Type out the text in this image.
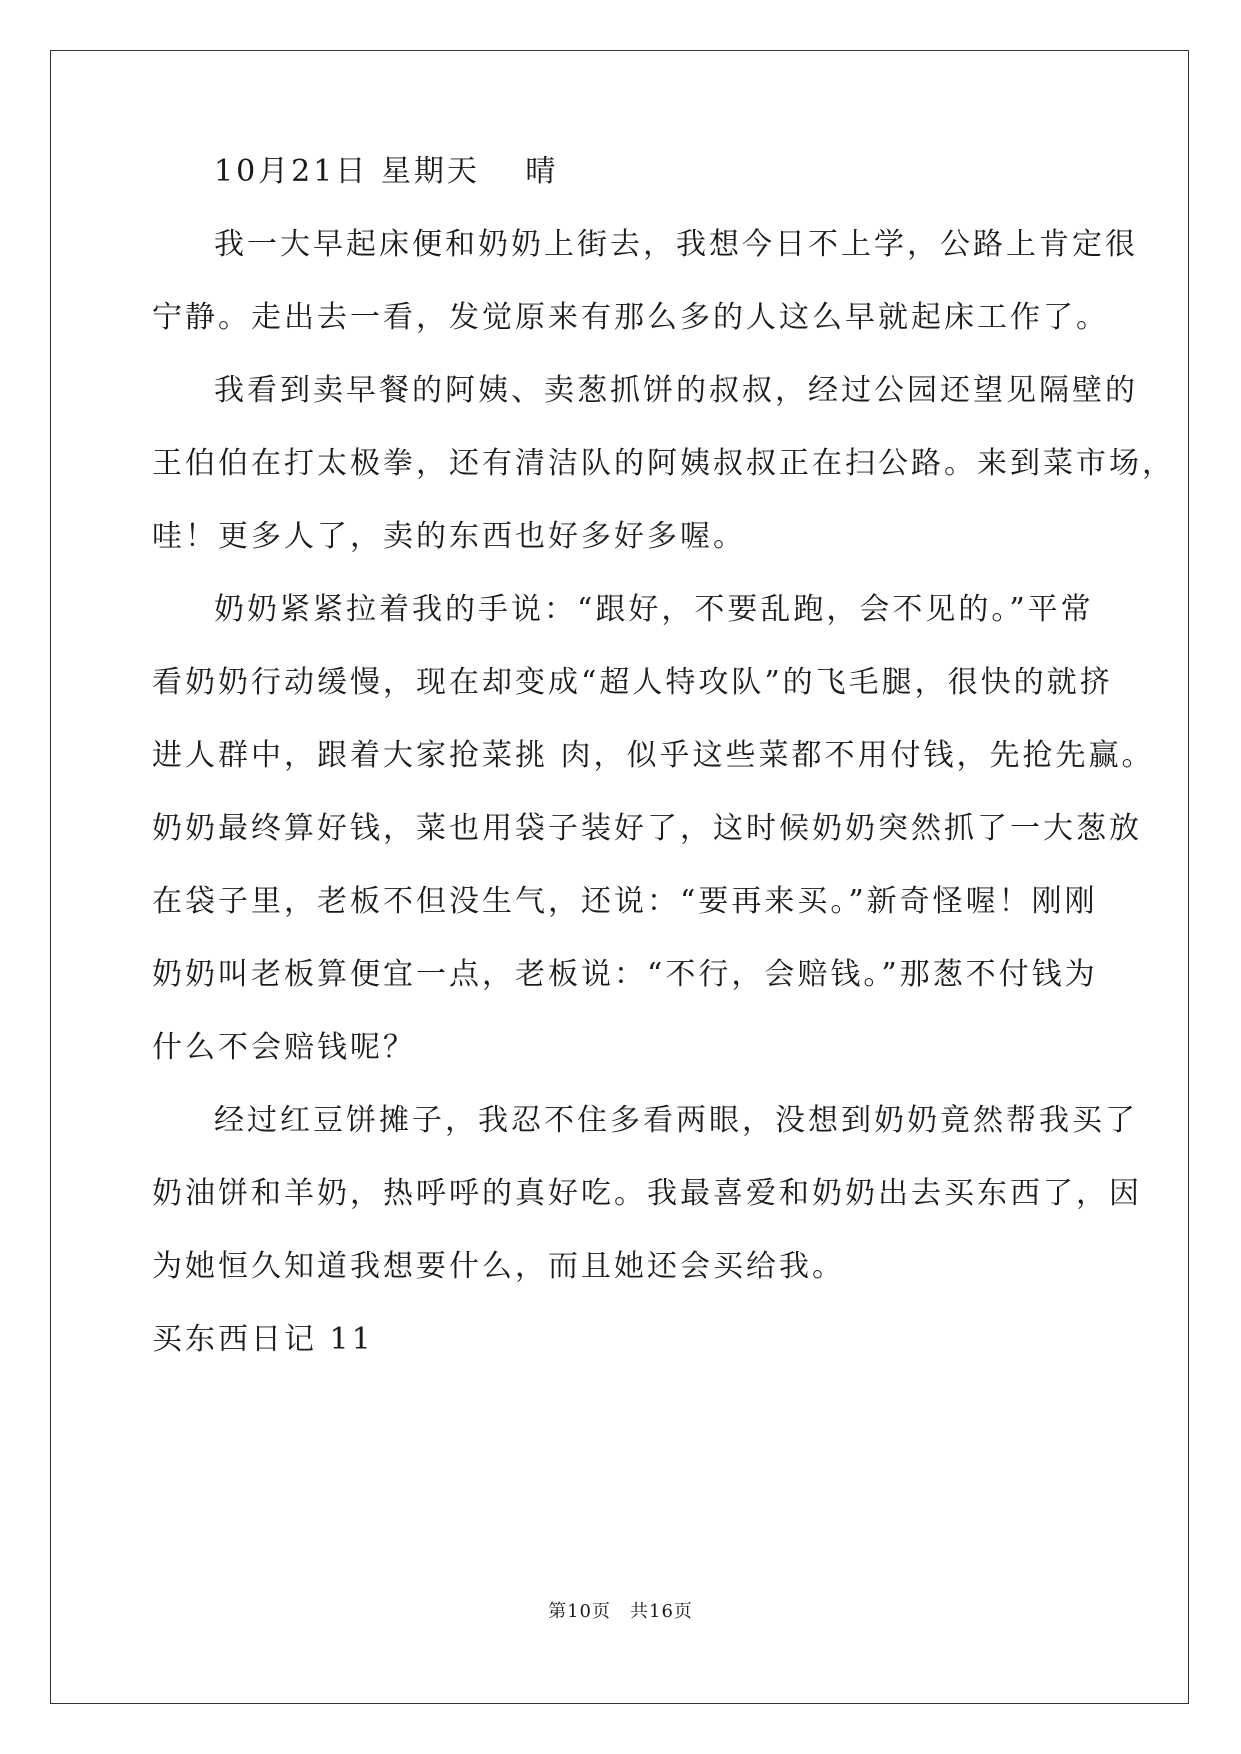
10月21日 星期天　 晴
我一大早起床便和奶奶上街去，我想今日不上学，公路上肯定很
宁静。走出去一看，发觉原来有那么多的人这么早就起床工作了。
我看到卖早餐的阿姨、卖葱抓饼的叔叔，经过公园还望见隔壁的
王伯伯在打太极拳，还有清洁队的阿姨叔叔正在扫公路。来到菜市场，
哇！更多人了，卖的东西也好多好多喔。
奶奶紧紧拉着我的手说：“跟好，不要乱跑，会不见的。”平常
看奶奶行动缓慢，现在却变成“超人特攻队”的飞毛腿，很快的就挤
进人群中，跟着大家抢菜挑 肉，似乎这些菜都不用付钱，先抢先赢。
奶奶最终算好钱，菜也用袋子装好了，这时候奶奶突然抓了一大葱放
在袋子里，老板不但没生气，还说：“要再来买。”新奇怪喔！刚刚
奶奶叫老板算便宜一点，老板说：“不行，会赔钱。”那葱不付钱为
什么不会赔钱呢？
经过红豆饼摊子，我忍不住多看两眼，没想到奶奶竟然帮我买了
奶油饼和羊奶，热呼呼的真好吃。我最喜爱和奶奶出去买东西了，因
为她恒久知道我想要什么，而且她还会买给我。
买东西日记 11
第10页　共16页
